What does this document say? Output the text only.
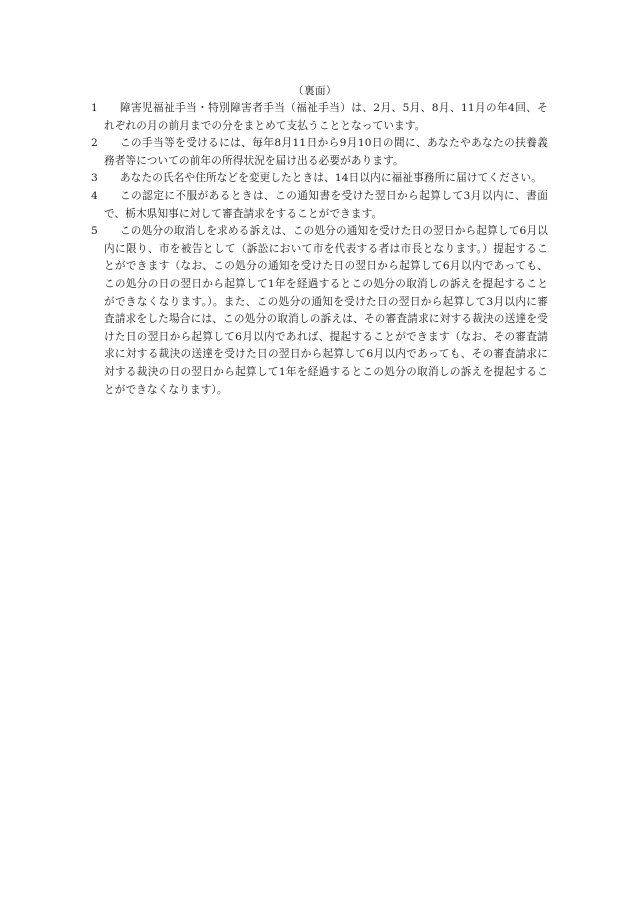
（裏面）
1	障害児福祉手当・特別障害者手当（福祉手当）は、2月、5月、8月、11月の年4回、それぞれの月の前月までの分をまとめて支払うこととなっています。
2	この手当等を受けるには、毎年8月11日から9月10日の間に、あなたやあなたの扶養義務者等についての前年の所得状況を届け出る必要があります。
3	あなたの氏名や住所などを変更したときは、14日以内に福祉事務所に届けてください。
4	この認定に不服があるときは、この通知書を受けた翌日から起算して3月以内に、書面で、栃木県知事に対して審査請求をすることができます。
5	この処分の取消しを求める訴えは、この処分の通知を受けた日の翌日から起算して6月以内に限り、市を被告として（訴訟において市を代表する者は市長となります。）提起することができます（なお、この処分の通知を受けた日の翌日から起算して6月以内であっても、この処分の日の翌日から起算して1年を経過するとこの処分の取消しの訴えを提起することができなくなります。）。また、この処分の通知を受けた日の翌日から起算して3月以内に審査請求をした場合には、この処分の取消しの訴えは、その審査請求に対する裁決の送達を受けた日の翌日から起算して6月以内であれば、提起することができます（なお、その審査請求に対する裁決の送達を受けた日の翌日から起算して6月以内であっても、その審査請求に対する裁決の日の翌日から起算して1年を経過するとこの処分の取消しの訴えを提起することができなくなります）。
